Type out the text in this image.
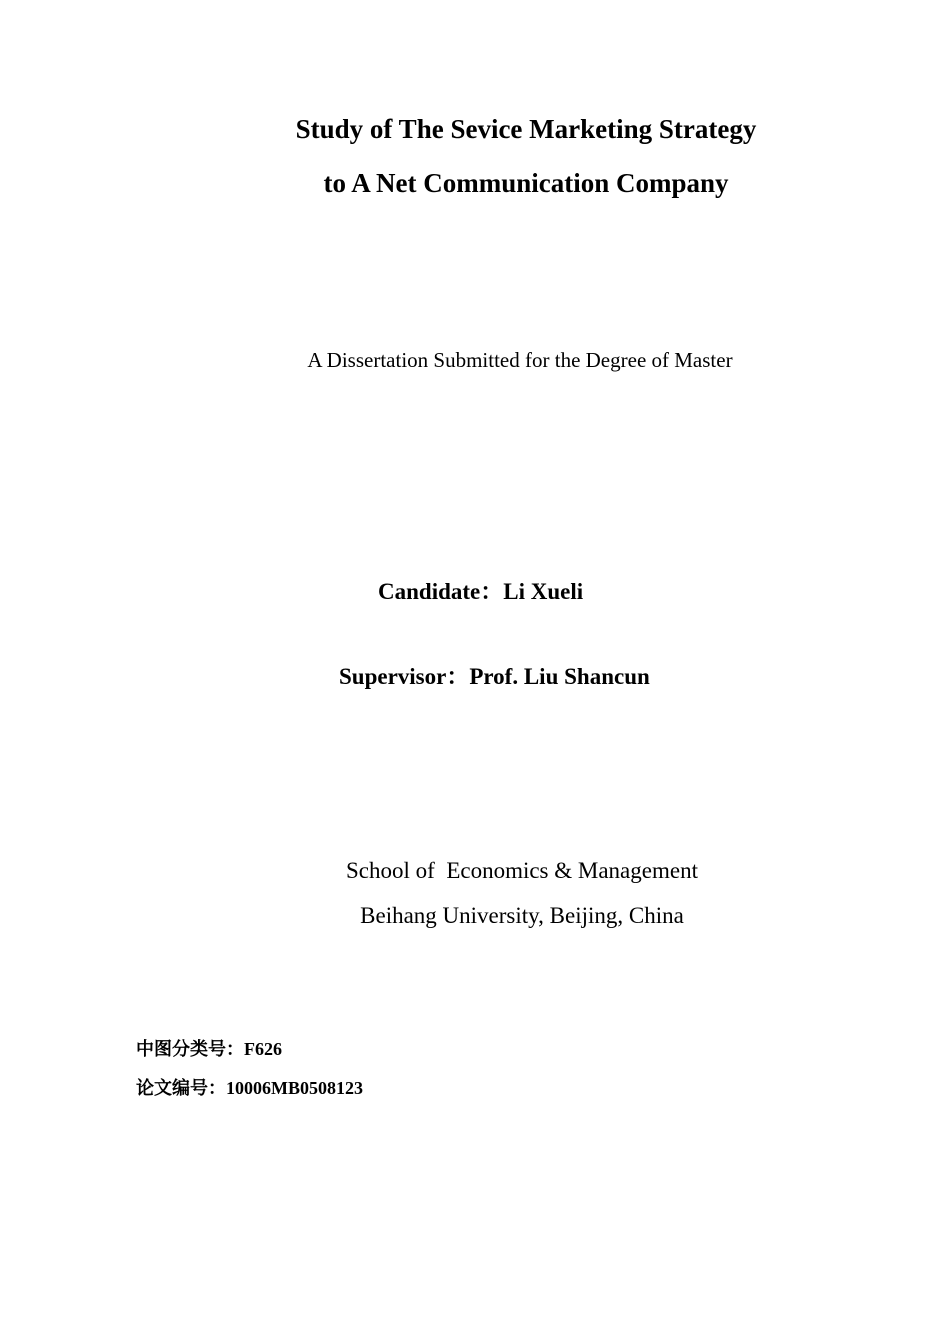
Study of The Sevice Marketing Strategy
to A Net Communication Company
A Dissertation Submitted for the Degree of Master
Candidate：Li Xueli
Supervisor：Prof. Liu Shancun
School of  Economics & Management
Beihang University, Beijing, China
中图分类号：F626
论文编号：10006MB0508123
